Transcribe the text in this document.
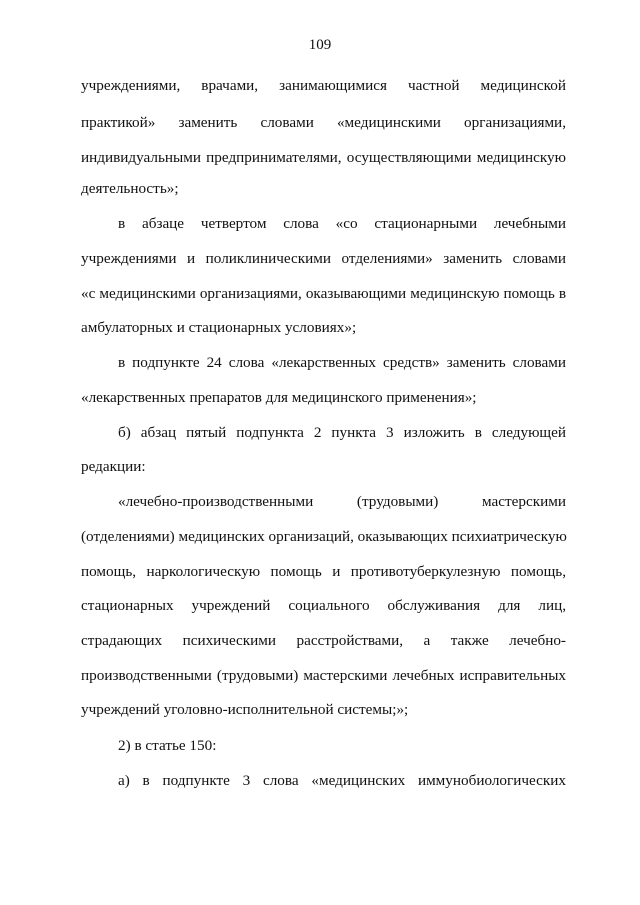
109
учреждениями, врачами, занимающимися частной медицинской
практикой» заменить словами «медицинскими организациями,
индивидуальными предпринимателями, осуществляющими медицинскую
деятельность»;
в абзаце четвертом слова «со стационарными лечебными
учреждениями и поликлиническими отделениями» заменить словами
«с медицинскими организациями, оказывающими медицинскую помощь в
амбулаторных и стационарных условиях»;
в подпункте 24 слова «лекарственных средств» заменить словами
«лекарственных препаратов для медицинского применения»;
б) абзац пятый подпункта 2 пункта 3 изложить в следующей
редакции:
«лечебно-производственными (трудовыми) мастерскими
(отделениями) медицинских организаций, оказывающих психиатрическую
помощь, наркологическую помощь и противотуберкулезную помощь,
стационарных учреждений социального обслуживания для лиц,
страдающих психическими расстройствами, а также лечебно-
производственными (трудовыми) мастерскими лечебных исправительных
учреждений уголовно-исполнительной системы;»;
2) в статье 150:
а) в подпункте 3 слова «медицинских иммунобиологических
